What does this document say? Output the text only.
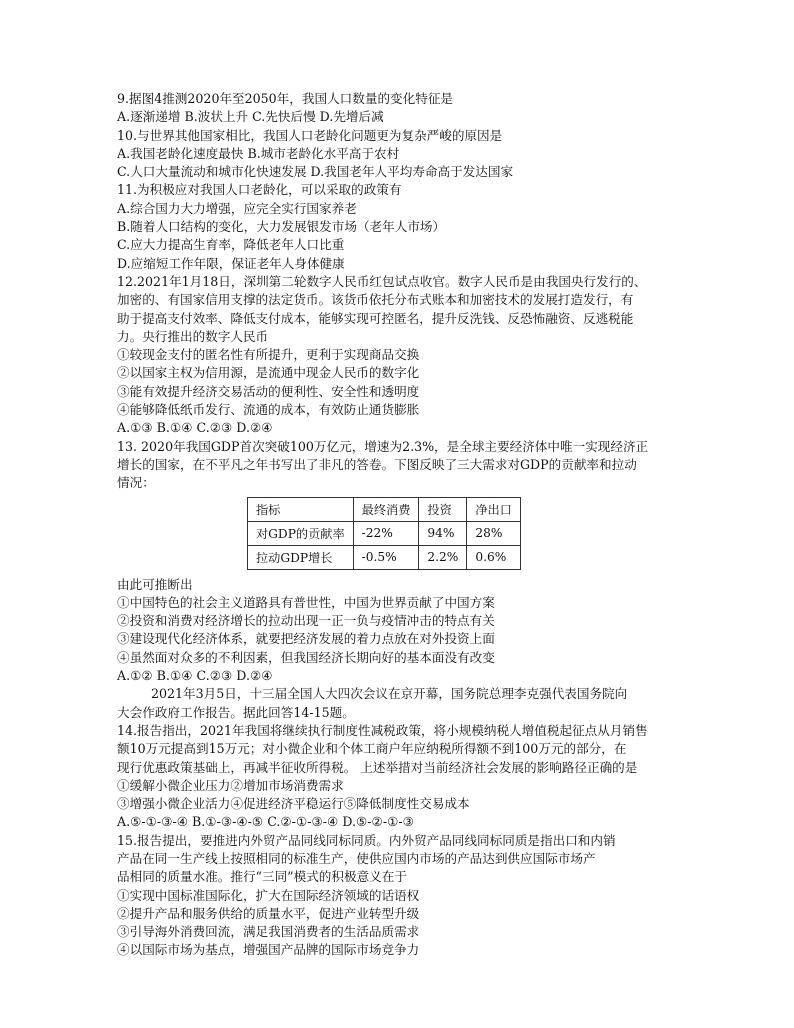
9.据图4推测2020年至2050年，我国人口数量的变化特征是
A.逐渐递增 B.波状上升 C.先快后慢 D.先增后减
10.与世界其他国家相比，我国人口老龄化问题更为复杂严峻的原因是
A.我国老龄化速度最快 B.城市老龄化水平高于农村
C.人口大量流动和城市化快速发展 D.我国老年人平均寿命高于发达国家
11.为积极应对我国人口老龄化，可以采取的政策有
A.综合国力大力增强，应完全实行国家养老
B.随着人口结构的变化，大力发展银发市场（老年人市场）
C.应大力提高生育率，降低老年人口比重
D.应缩短工作年限，保证老年人身体健康
12.2021年1月18日，深圳第二轮数字人民币红包试点收官。数字人民币是由我国央行发行的、
加密的、有国家信用支撑的法定货币。该货币依托分布式账本和加密技术的发展打造发行，有
助于提高支付效率、降低支付成本，能够实现可控匿名，提升反洗钱、反恐怖融资、反逃税能
力。央行推出的数字人民币
①较现金支付的匿名性有所提升，更利于实现商品交换
②以国家主权为信用源，是流通中现金人民币的数字化
③能有效提升经济交易活动的便利性、安全性和透明度
④能够降低纸币发行、流通的成本，有效防止通货膨胀
A.①③ B.①④ C.②③ D.②④
13. 2020年我国GDP首次突破100万亿元，增速为2.3%，是全球主要经济体中唯一实现经济正
增长的国家，在不平凡之年书写出了非凡的答卷。下图反映了三大需求对GDP的贡献率和拉动
情况：
指标	最终消费	投资	净出口
对GDP的贡献率	-22%	94%	28%
拉动GDP增长	-0.5%	2.2%	0.6%
由此可推断出
①中国特色的社会主义道路具有普世性，中国为世界贡献了中国方案
②投资和消费对经济增长的拉动出现一正一负与疫情冲击的特点有关
③建设现代化经济体系，就要把经济发展的着力点放在对外投资上面
④虽然面对众多的不利因素，但我国经济长期向好的基本面没有改变
A.①② B.①④ C.②③ D.②④
2021年3月5日，十三届全国人大四次会议在京开幕，国务院总理李克强代表国务院向
大会作政府工作报告。据此回答14-15题。
14.报告指出，2021年我国将继续执行制度性减税政策，将小规模纳税人增值税起征点从月销售
额10万元提高到15万元；对小微企业和个体工商户年应纳税所得额不到100万元的部分，在
现行优惠政策基础上，再减半征收所得税。 上述举措对当前经济社会发展的影响路径正确的是
①缓解小微企业压力②增加市场消费需求
③增强小微企业活力④促进经济平稳运行⑤降低制度性交易成本
A.⑤-①-③-④ B.①-③-④-⑤ C.②-①-③-④ D.⑤-②-①-③
15.报告提出，要推进内外贸产品同线同标同质。内外贸产品同线同标同质是指出口和内销
产品在同一生产线上按照相同的标准生产，使供应国内市场的产品达到供应国际市场产
品相同的质量水准。推行“三同”模式的积极意义在于
①实现中国标准国际化，扩大在国际经济领域的话语权
②提升产品和服务供给的质量水平，促进产业转型升级
③引导海外消费回流，满足我国消费者的生活品质需求
④以国际市场为基点，增强国产品牌的国际市场竞争力
